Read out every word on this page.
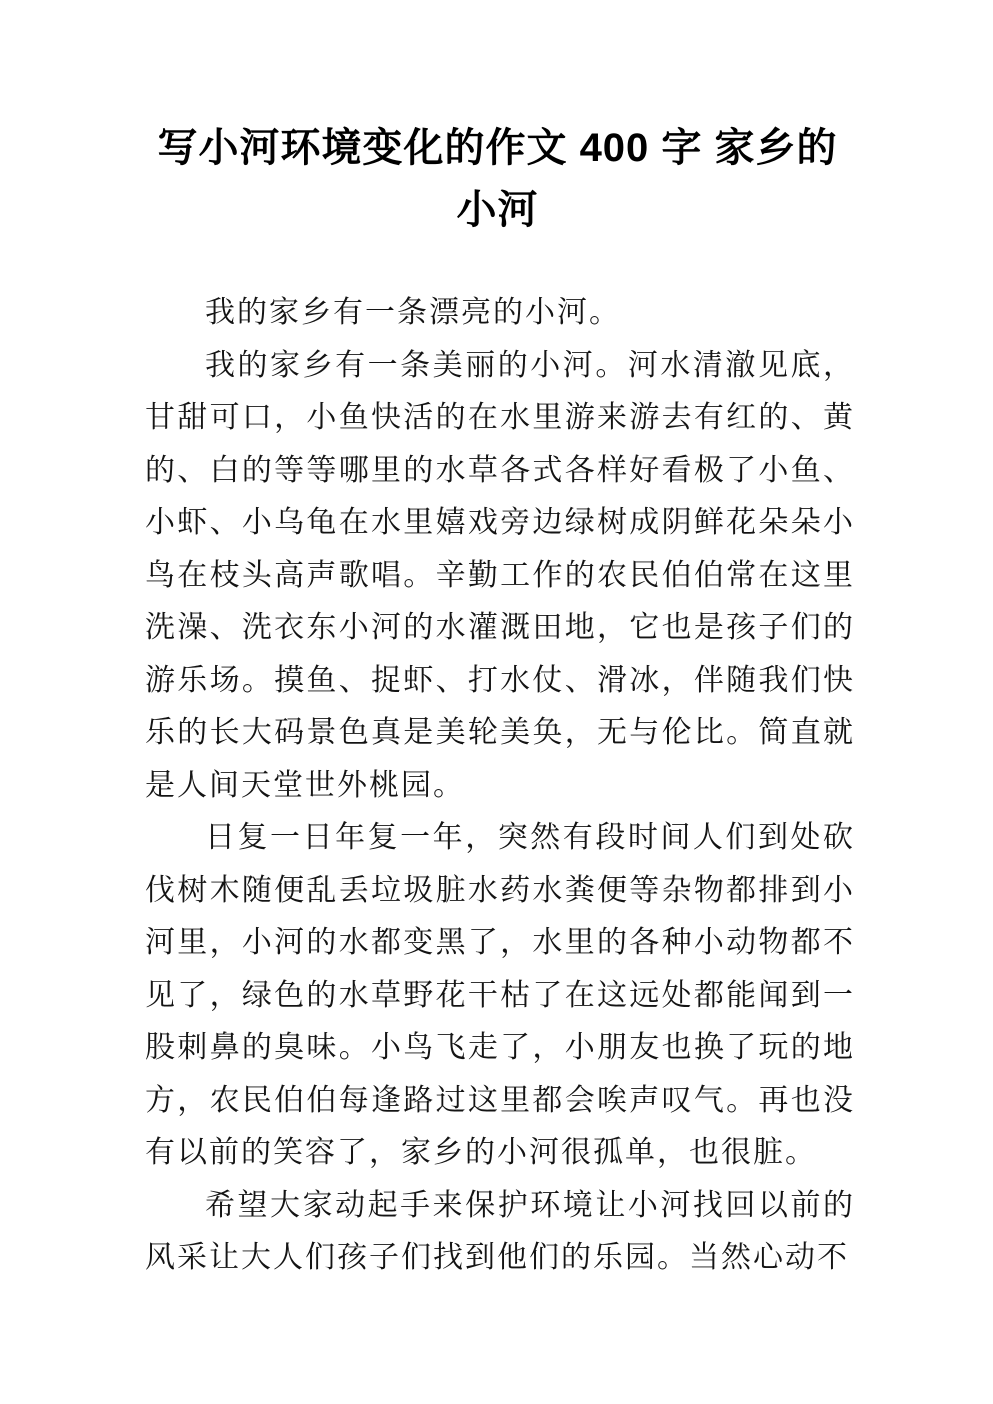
写小河环境变化的作文 400 字 家乡的
小河

我的家乡有一条漂亮的小河。

我的家乡有一条美丽的小河。河水清澈见底，甘甜可口，小鱼快活的在水里游来游去有红的、黄的、白的等等哪里的水草各式各样好看极了小鱼、小虾、小乌龟在水里嬉戏旁边绿树成阴鲜花朵朵小鸟在枝头高声歌唱。辛勤工作的农民伯伯常在这里洗澡、洗衣东小河的水灌溉田地，它也是孩子们的游乐场。摸鱼、捉虾、打水仗、滑冰，伴随我们快乐的长大码景色真是美轮美奂，无与伦比。简直就是人间天堂世外桃园。

日复一日年复一年，突然有段时间人们到处砍伐树木随便乱丢垃圾脏水药水粪便等杂物都排到小河里，小河的水都变黑了，水里的各种小动物都不见了，绿色的水草野花干枯了在这远处都能闻到一股刺鼻的臭味。小鸟飞走了，小朋友也换了玩的地方，农民伯伯每逢路过这里都会唉声叹气。再也没有以前的笑容了，家乡的小河很孤单，也很脏。

希望大家动起手来保护环境让小河找回以前的风采让大人们孩子们找到他们的乐园。当然心动不
